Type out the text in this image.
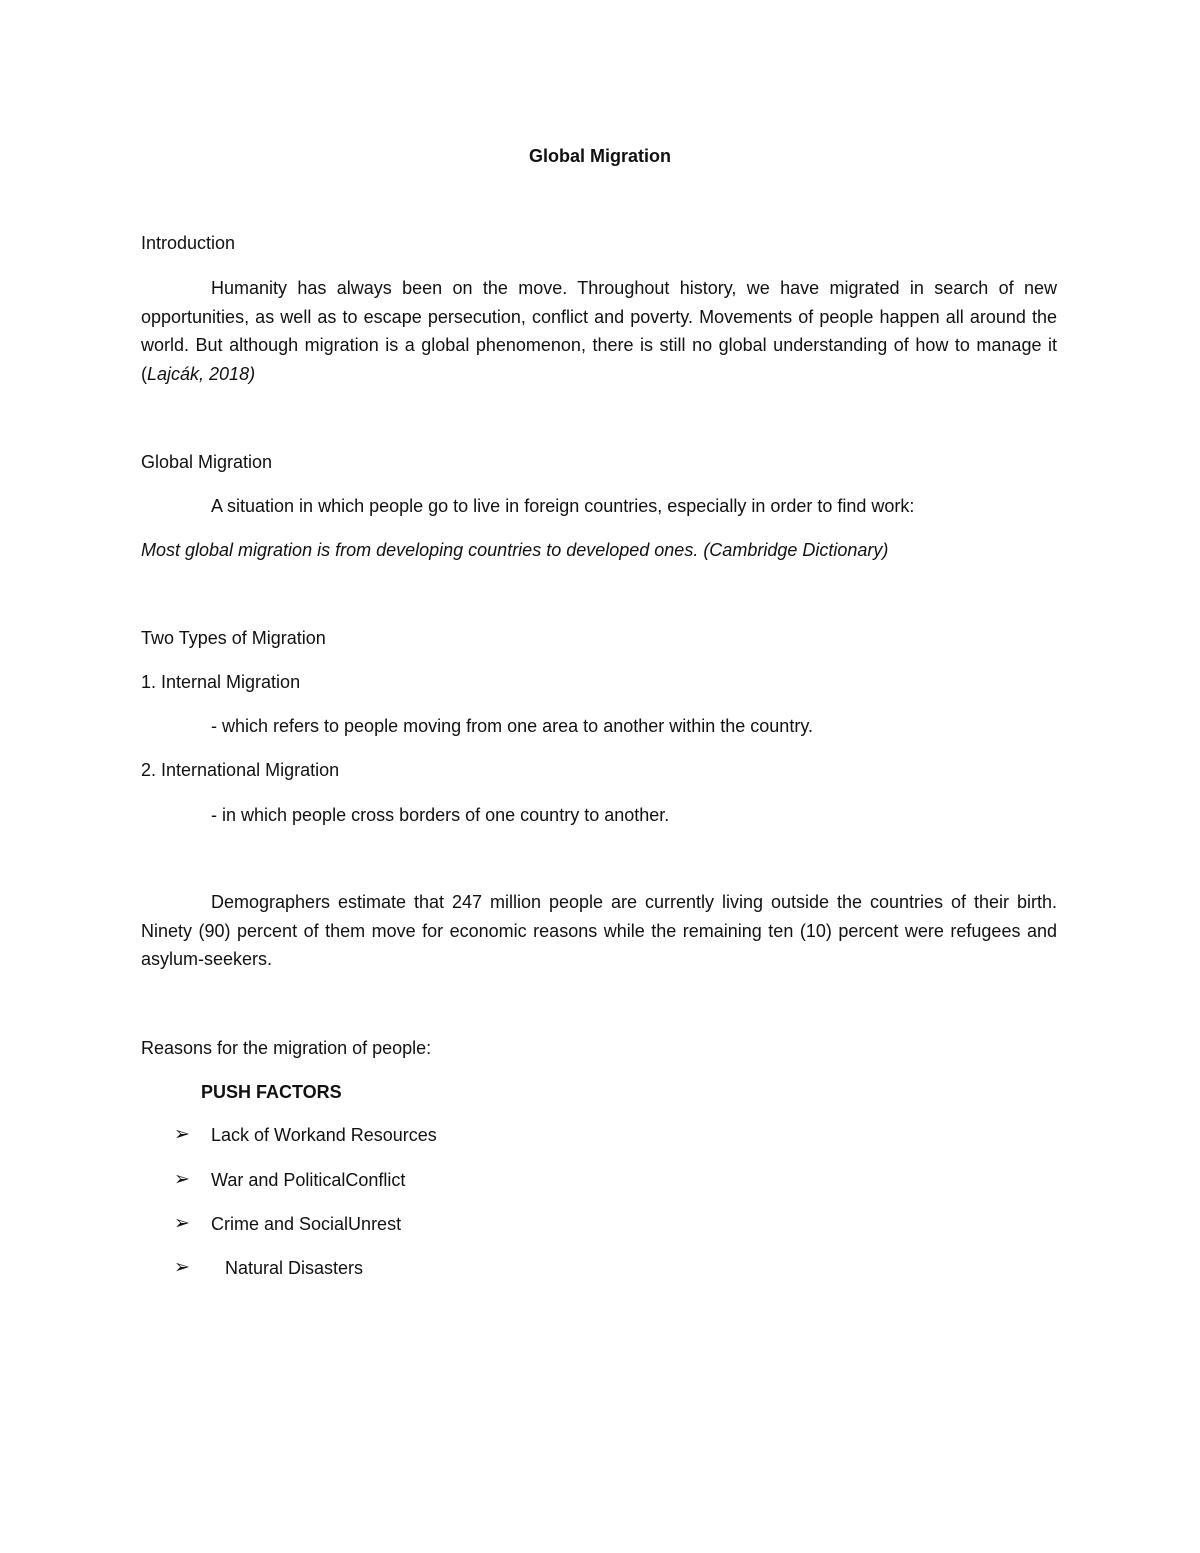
Global Migration
Introduction
Humanity has always been on the move. Throughout history, we have migrated in search of new opportunities, as well as to escape persecution, conflict and poverty. Movements of people happen all around the world. But although migration is a global phenomenon, there is still no global understanding of how to manage it (Lajcák, 2018)
Global Migration
A situation in which people go to live in foreign countries, especially in order to find work:
Most global migration is from developing countries to developed ones. (Cambridge Dictionary)
Two Types of Migration
1. Internal Migration
- which refers to people moving from one area to another within the country.
2. International Migration
- in which people cross borders of one country to another.
Demographers estimate that 247 million people are currently living outside the countries of their birth. Ninety (90) percent of them move for economic reasons while the remaining ten (10) percent were refugees and asylum-seekers.
Reasons for the migration of people:
PUSH FACTORS
➢ Lack of Workand Resources
➢ War and PoliticalConflict
➢ Crime and SocialUnrest
➢ Natural Disasters
